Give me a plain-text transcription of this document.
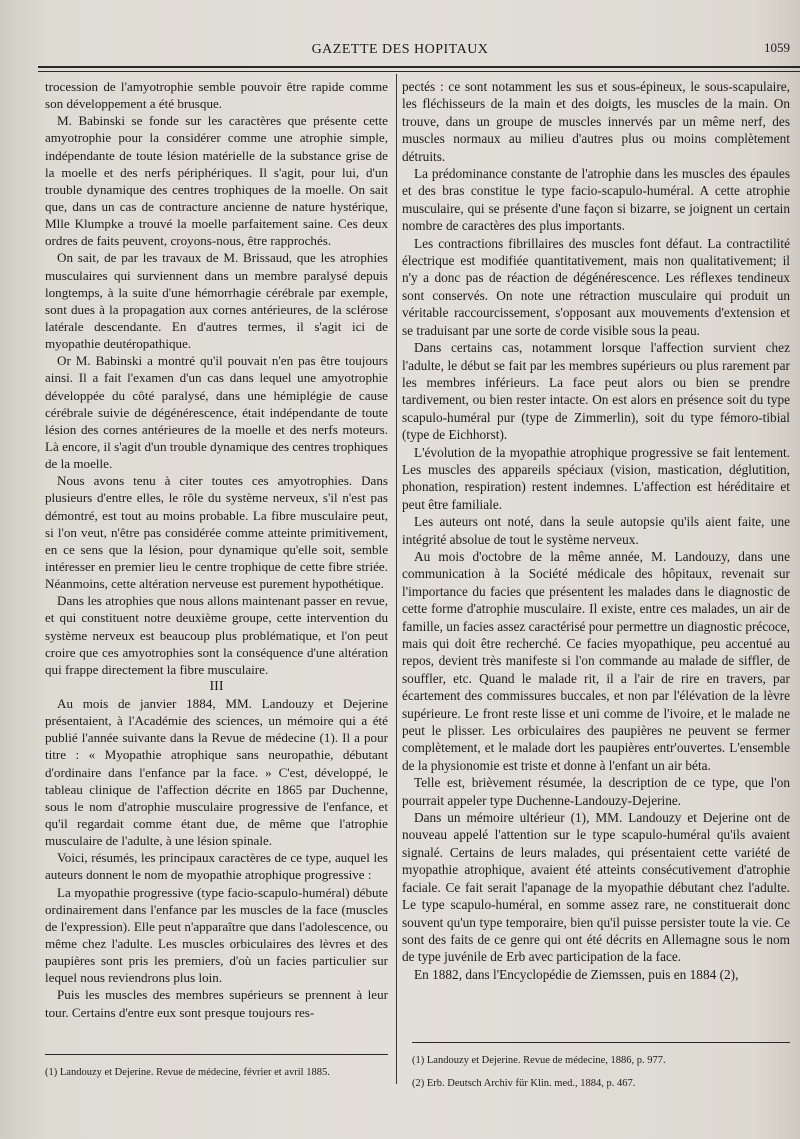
GAZETTE DES HOPITAUX	1059

trocession de l'amyotrophie semble pouvoir être rapide comme son développement a été brusque.

M. Babinski se fonde sur les caractères que présente cette amyotrophie pour la considérer comme une atrophie simple, indépendante de toute lésion matérielle de la substance grise de la moelle et des nerfs périphériques. Il s'agit, pour lui, d'un trouble dynamique des centres trophiques de la moelle. On sait que, dans un cas de contracture ancienne de nature hystérique, Mlle Klumpke a trouvé la moelle parfaitement saine. Ces deux ordres de faits peuvent, croyons-nous, être rapprochés.

On sait, de par les travaux de M. Brissaud, que les atrophies musculaires qui surviennent dans un membre paralysé depuis longtemps, à la suite d'une hémorrhagie cérébrale par exemple, sont dues à la propagation aux cornes antérieures, de la sclérose latérale descendante. En d'autres termes, il s'agit ici de myopathie deutéropathique.

Or M. Babinski a montré qu'il pouvait n'en pas être toujours ainsi. Il a fait l'examen d'un cas dans lequel une amyotrophie développée du côté paralysé, dans une hémiplégie de cause cérébrale suivie de dégénérescence, était indépendante de toute lésion des cornes antérieures de la moelle et des nerfs moteurs. Là encore, il s'agit d'un trouble dynamique des centres trophiques de la moelle.

Nous avons tenu à citer toutes ces amyotrophies. Dans plusieurs d'entre elles, le rôle du système nerveux, s'il n'est pas démontré, est tout au moins probable. La fibre musculaire peut, si l'on veut, n'être pas considérée comme atteinte primitivement, en ce sens que la lésion, pour dynamique qu'elle soit, semble intéresser en premier lieu le centre trophique de cette fibre striée. Néanmoins, cette altération nerveuse est purement hypothétique.

Dans les atrophies que nous allons maintenant passer en revue, et qui constituent notre deuxième groupe, cette intervention du système nerveux est beaucoup plus problématique, et l'on peut croire que ces amyotrophies sont la conséquence d'une altération qui frappe directement la fibre musculaire.

III

Au mois de janvier 1884, MM. Landouzy et Dejerine présentaient, à l'Académie des sciences, un mémoire qui a été publié l'année suivante dans la Revue de médecine (1). Il a pour titre : « Myopathie atrophique sans neuropathie, débutant d'ordinaire dans l'enfance par la face. » C'est, développé, le tableau clinique de l'affection décrite en 1865 par Duchenne, sous le nom d'atrophie musculaire progressive de l'enfance, et qu'il regardait comme étant due, de même que l'atrophie musculaire de l'adulte, à une lésion spinale.

Voici, résumés, les principaux caractères de ce type, auquel les auteurs donnent le nom de myopathie atrophique progressive :

La myopathie progressive (type facio-scapulo-huméral) débute ordinairement dans l'enfance par les muscles de la face (muscles de l'expression). Elle peut n'apparaître que dans l'adolescence, ou même chez l'adulte. Les muscles orbiculaires des lèvres et des paupières sont pris les premiers, d'où un facies particulier sur lequel nous reviendrons plus loin.

Puis les muscles des membres supérieurs se prennent à leur tour. Certains d'entre eux sont presque toujours res-

(1) Landouzy et Dejerine. Revue de médecine, février et avril 1885.

pectés : ce sont notamment les sus et sous-épineux, le sous-scapulaire, les fléchisseurs de la main et des doigts, les muscles de la main. On trouve, dans un groupe de muscles innervés par un même nerf, des muscles normaux au milieu d'autres plus ou moins complètement détruits.

La prédominance constante de l'atrophie dans les muscles des épaules et des bras constitue le type facio-scapulo-huméral. A cette atrophie musculaire, qui se présente d'une façon si bizarre, se joignent un certain nombre de caractères des plus importants.

Les contractions fibrillaires des muscles font défaut. La contractilité électrique est modifiée quantitativement, mais non qualitativement; il n'y a donc pas de réaction de dégénérescence. Les réflexes tendineux sont conservés. On note une rétraction musculaire qui produit un véritable raccourcissement, s'opposant aux mouvements d'extension et se traduisant par une sorte de corde visible sous la peau.

Dans certains cas, notamment lorsque l'affection survient chez l'adulte, le début se fait par les membres supérieurs ou plus rarement par les membres inférieurs. La face peut alors ou bien se prendre tardivement, ou bien rester intacte. On est alors en présence soit du type scapulo-huméral pur (type de Zimmerlin), soit du type fémoro-tibial (type de Eichhorst).

L'évolution de la myopathie atrophique progressive se fait lentement. Les muscles des appareils spéciaux (vision, mastication, déglutition, phonation, respiration) restent indemnes. L'affection est héréditaire et peut être familiale.

Les auteurs ont noté, dans la seule autopsie qu'ils aient faite, une intégrité absolue de tout le système nerveux.

Au mois d'octobre de la même année, M. Landouzy, dans une communication à la Société médicale des hôpitaux, revenait sur l'importance du facies que présentent les malades dans le diagnostic de cette forme d'atrophie musculaire. Il existe, entre ces malades, un air de famille, un facies assez caractérisé pour permettre un diagnostic précoce, mais qui doit être recherché. Ce facies myopathique, peu accentué au repos, devient très manifeste si l'on commande au malade de siffler, de souffler, etc. Quand le malade rit, il a l'air de rire en travers, par écartement des commissures buccales, et non par l'élévation de la lèvre supérieure. Le front reste lisse et uni comme de l'ivoire, et le malade ne peut le plisser. Les orbiculaires des paupières ne peuvent se fermer complètement, et le malade dort les paupières entr'ouvertes. L'ensemble de la physionomie est triste et donne à l'enfant un air béta.

Telle est, brièvement résumée, la description de ce type, que l'on pourrait appeler type Duchenne-Landouzy-Dejerine.

Dans un mémoire ultérieur (1), MM. Landouzy et Dejerine ont de nouveau appelé l'attention sur le type scapulo-huméral qu'ils avaient signalé. Certains de leurs malades, qui présentaient cette variété de myopathie atrophique, avaient été atteints consécutivement d'atrophie faciale. Ce fait serait l'apanage de la myopathie débutant chez l'adulte. Le type scapulo-huméral, en somme assez rare, ne constituerait donc souvent qu'un type temporaire, bien qu'il puisse persister toute la vie. Ce sont des faits de ce genre qui ont été décrits en Allemagne sous le nom de type juvénile de Erb avec participation de la face.

En 1882, dans l'Encyclopédie de Ziemssen, puis en 1884 (2),

(1) Landouzy et Dejerine. Revue de médecine, 1886, p. 977.

(2) Erb. Deutsch Archiv für Klin. med., 1884, p. 467.
